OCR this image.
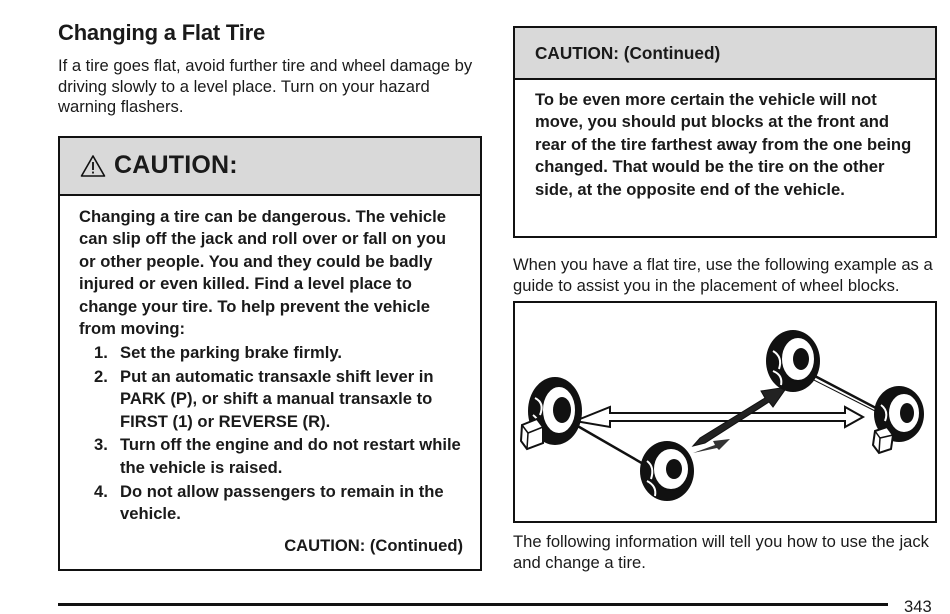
Changing a Flat Tire

If a tire goes flat, avoid further tire and wheel damage by driving slowly to a level place. Turn on your hazard warning flashers.

CAUTION:

Changing a tire can be dangerous. The vehicle can slip off the jack and roll over or fall on you or other people. You and they could be badly injured or even killed. Find a level place to change your tire. To help prevent the vehicle from moving:

1. Set the parking brake firmly.
2. Put an automatic transaxle shift lever in PARK (P), or shift a manual transaxle to FIRST (1) or REVERSE (R).
3. Turn off the engine and do not restart while the vehicle is raised.
4. Do not allow passengers to remain in the vehicle.

CAUTION: (Continued)

CAUTION: (Continued)
To be even more certain the vehicle will not move, you should put blocks at the front and rear of the tire farthest away from the one being changed. That would be the tire on the other side, at the opposite end of the vehicle.

When you have a flat tire, use the following example as a guide to assist you in the placement of wheel blocks.

The following information will tell you how to use the jack and change a tire.

343
